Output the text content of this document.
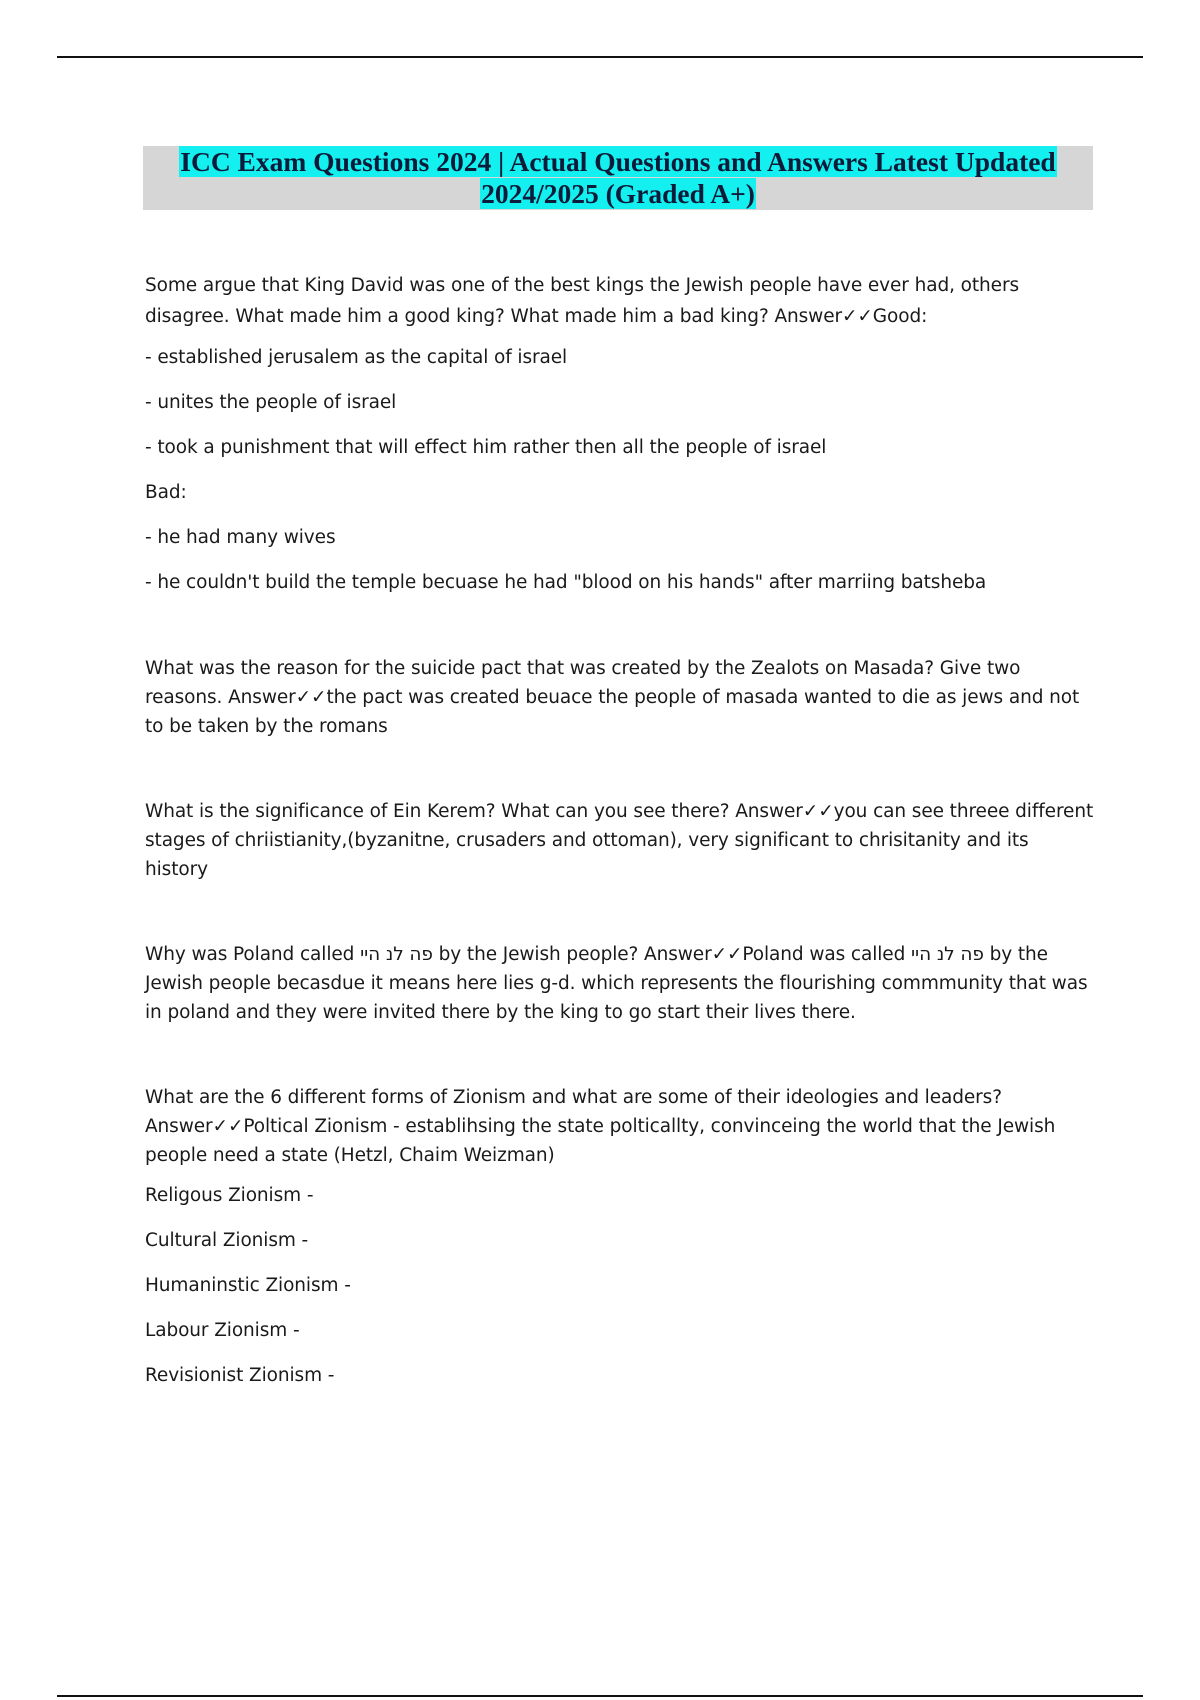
ICC Exam Questions 2024 | Actual Questions and Answers Latest Updated
2024/2025 (Graded A+)

Some argue that King David was one of the best kings the Jewish people have ever had, others disagree. What made him a good king? What made him a bad king? Answer✓✓Good:

- established jerusalem as the capital of israel

- unites the people of israel

- took a punishment that will effect him rather then all the people of israel

Bad:

- he had many wives

- he couldn't build the temple becuase he had "blood on his hands" after marriing batsheba

What was the reason for the suicide pact that was created by the Zealots on Masada? Give two reasons. Answer✓✓the pact was created beuace the people of masada wanted to die as jews and not to be taken by the romans

What is the significance of Ein Kerem? What can you see there? Answer✓✓you can see threee different stages of chriistianity,(byzanitne, crusaders and ottoman), very significant to chrisitanity and its history

Why was Poland called פה לנ היי by the Jewish people? Answer✓✓Poland was called פה לנ היי by the Jewish people becasdue it means here lies g-d. which represents the flourishing commmunity that was in poland and they were invited there by the king to go start their lives there.

What are the 6 different forms of Zionism and what are some of their ideologies and leaders? Answer✓✓Poltical Zionism - establihsing the state polticallty, convinceing the world that the Jewish people need a state (Hetzl, Chaim Weizman)

Religous Zionism -

Cultural Zionism -

Humaninstic Zionism -

Labour Zionism -

Revisionist Zionism -
